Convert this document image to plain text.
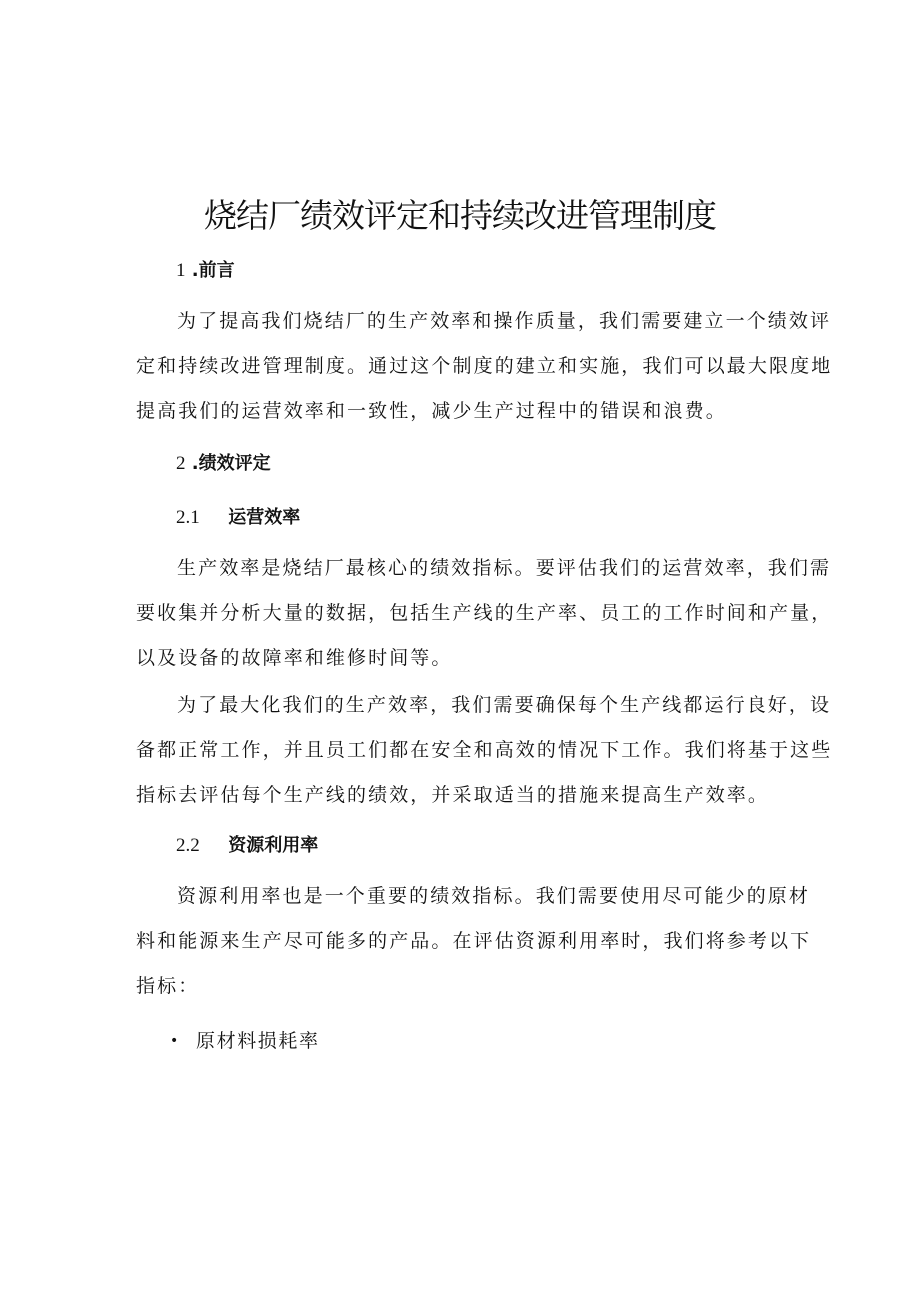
烧结厂绩效评定和持续改进管理制度
1 .前言
为了提高我们烧结厂的生产效率和操作质量，我们需要建立一个绩效评
定和持续改进管理制度。通过这个制度的建立和实施，我们可以最大限度地
提高我们的运营效率和一致性，减少生产过程中的错误和浪费。
2 .绩效评定
2.1 运营效率
生产效率是烧结厂最核心的绩效指标。要评估我们的运营效率，我们需
要收集并分析大量的数据，包括生产线的生产率、员工的工作时间和产量，
以及设备的故障率和维修时间等。
为了最大化我们的生产效率，我们需要确保每个生产线都运行良好，设
备都正常工作，并且员工们都在安全和高效的情况下工作。我们将基于这些
指标去评估每个生产线的绩效，并采取适当的措施来提高生产效率。
2.2 资源利用率
资源利用率也是一个重要的绩效指标。我们需要使用尽可能少的原材
料和能源来生产尽可能多的产品。在评估资源利用率时，我们将参考以下
指标：
• 原材料损耗率
